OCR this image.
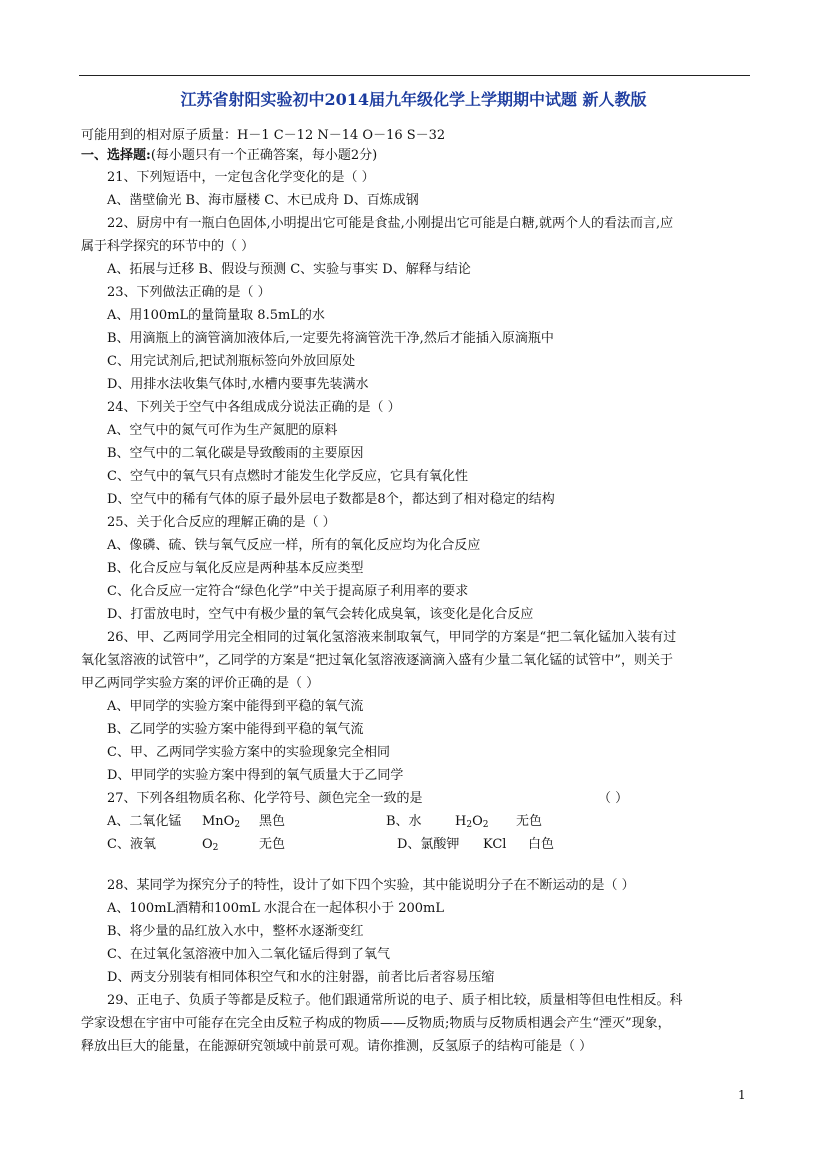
江苏省射阳实验初中2014届九年级化学上学期期中试题 新人教版
可能用到的相对原子质量：H－1 C－12 N－14 O－16 S－32
一、选择题:(每小题只有一个正确答案，每小题2分)
21、下列短语中，一定包含化学变化的是（ ）
A、凿壁偷光 B、海市蜃楼 C、木已成舟 D、百炼成钢
22、厨房中有一瓶白色固体,小明提出它可能是食盐,小刚提出它可能是白糖,就两个人的看法而言,应
属于科学探究的环节中的（ ）
A、拓展与迁移 B、假设与预测 C、实验与事实 D、解释与结论
23、下列做法正确的是（ ）
A、用100mL的量筒量取 8.5mL的水
B、用滴瓶上的滴管滴加液体后,一定要先将滴管洗干净,然后才能插入原滴瓶中
C、用完试剂后,把试剂瓶标签向外放回原处
D、用排水法收集气体时,水槽内要事先装满水
24、下列关于空气中各组成成分说法正确的是（ ）
A、空气中的氮气可作为生产氮肥的原料
B、空气中的二氧化碳是导致酸雨的主要原因
C、空气中的氧气只有点燃时才能发生化学反应，它具有氧化性
D、空气中的稀有气体的原子最外层电子数都是8个，都达到了相对稳定的结构
25、关于化合反应的理解正确的是（ ）
A、像磷、硫、铁与氧气反应一样，所有的氧化反应均为化合反应
B、化合反应与氧化反应是两种基本反应类型
C、化合反应一定符合“绿色化学”中关于提高原子利用率的要求
D、打雷放电时，空气中有极少量的氧气会转化成臭氧，该变化是化合反应
26、甲、乙两同学用完全相同的过氧化氢溶液来制取氧气，甲同学的方案是“把二氧化锰加入装有过
氧化氢溶液的试管中”，乙同学的方案是“把过氧化氢溶液逐滴滴入盛有少量二氧化锰的试管中”，则关于
甲乙两同学实验方案的评价正确的是（ ）
A、甲同学的实验方案中能得到平稳的氧气流
B、乙同学的实验方案中能得到平稳的氧气流
C、甲、乙两同学实验方案中的实验现象完全相同
D、甲同学的实验方案中得到的氧气质量大于乙同学
27、下列各组物质名称、化学符号、颜色完全一致的是	（ ）
A、二氧化锰 MnO$_2$ 黑色	B、水	$H_2O_2$ 无色
C、液氧	$O_2$	无色	D、氯酸钾 KCl 白色
28、某同学为探究分子的特性，设计了如下四个实验，其中能说明分子在不断运动的是（ ）
A、100mL酒精和100mL 水混合在一起体积小于 200mL
B、将少量的品红放入水中，整杯水逐渐变红
C、在过氧化氢溶液中加入二氧化锰后得到了氧气
D、两支分别装有相同体积空气和水的注射器，前者比后者容易压缩
29、正电子、负质子等都是反粒子。他们跟通常所说的电子、质子相比较，质量相等但电性相反。科
学家设想在宇宙中可能存在完全由反粒子构成的物质——反物质;物质与反物质相遇会产生“湮灭”现象，
释放出巨大的能量，在能源研究领域中前景可观。请你推测，反氢原子的结构可能是（ ）
1
